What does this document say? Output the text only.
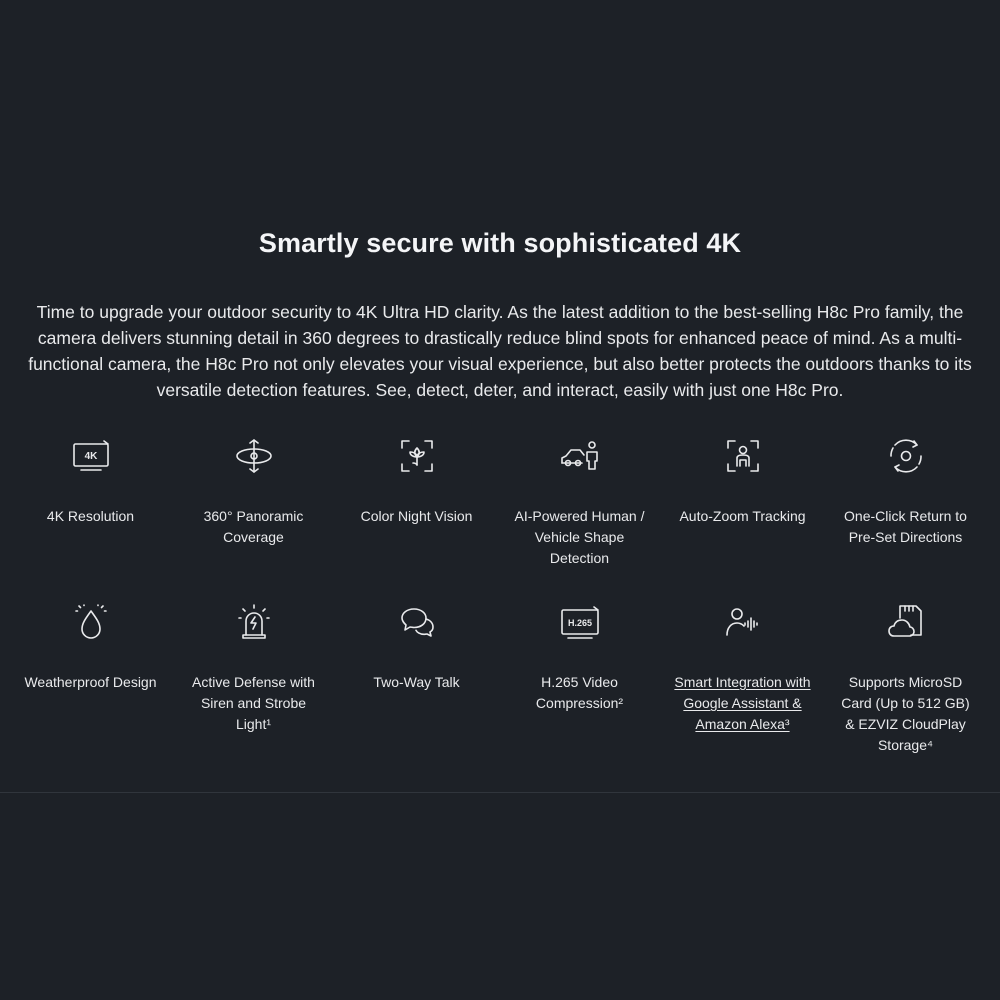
Smartly secure with sophisticated 4K

Time to upgrade your outdoor security to 4K Ultra HD clarity. As the latest addition to the best-selling H8c Pro family, the camera delivers stunning detail in 360 degrees to drastically reduce blind spots for enhanced peace of mind. As a multi-functional camera, the H8c Pro not only elevates your visual experience, but also better protects the outdoors thanks to its versatile detection features. See, detect, deter, and interact, easily with just one H8c Pro.

4K
4K Resolution	360° Panoramic Coverage
Color Night Vision	AI-Powered Human / Vehicle Shape Detection
Auto-Zoom Tracking	One-Click Return to Pre-Set Directions
Weatherproof Design	Active Defense with Siren and Strobe Light¹
Two-Way Talk
H.265
H.265 Video Compression²
Smart Integration with Google Assistant & Amazon Alexa³
Supports MicroSD Card (Up to 512 GB) & EZVIZ CloudPlay Storage⁴
